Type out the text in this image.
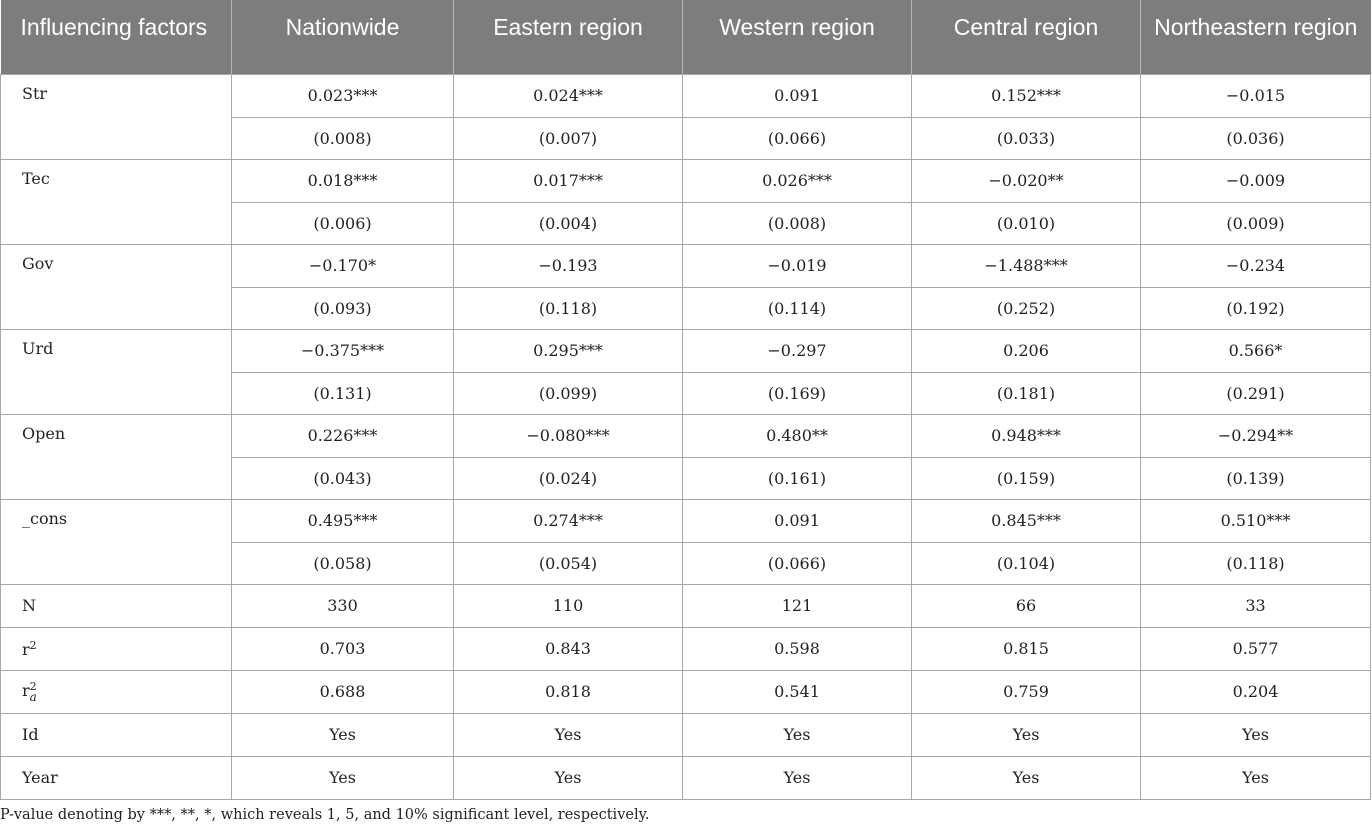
Influencing factors	Nationwide	Eastern region	Western region	Central region	Northeastern region

Str	0.023***	0.024***	0.091	0.152***	−0.015
	(0.008)	(0.007)	(0.066)	(0.033)	(0.036)
Tec	0.018***	0.017***	0.026***	−0.020**	−0.009
	(0.006)	(0.004)	(0.008)	(0.010)	(0.009)
Gov	−0.170*	−0.193	−0.019	−1.488***	−0.234
	(0.093)	(0.118)	(0.114)	(0.252)	(0.192)
Urd	−0.375***	0.295***	−0.297	0.206	0.566*
	(0.131)	(0.099)	(0.169)	(0.181)	(0.291)
Open	0.226***	−0.080***	0.480**	0.948***	−0.294**
	(0.043)	(0.024)	(0.161)	(0.159)	(0.139)
_cons	0.495***	0.274***	0.091	0.845***	0.510***
	(0.058)	(0.054)	(0.066)	(0.104)	(0.118)
N	330	110	121	66	33
$r^2$	0.703	0.843	0.598	0.815	0.577
$r^2_a$	0.688	0.818	0.541	0.759	0.204
Id	Yes	Yes	Yes	Yes	Yes
Year	Yes	Yes	Yes	Yes	Yes
P-value denoting by ***, **, *, which reveals 1, 5, and 10% significant level, respectively.
